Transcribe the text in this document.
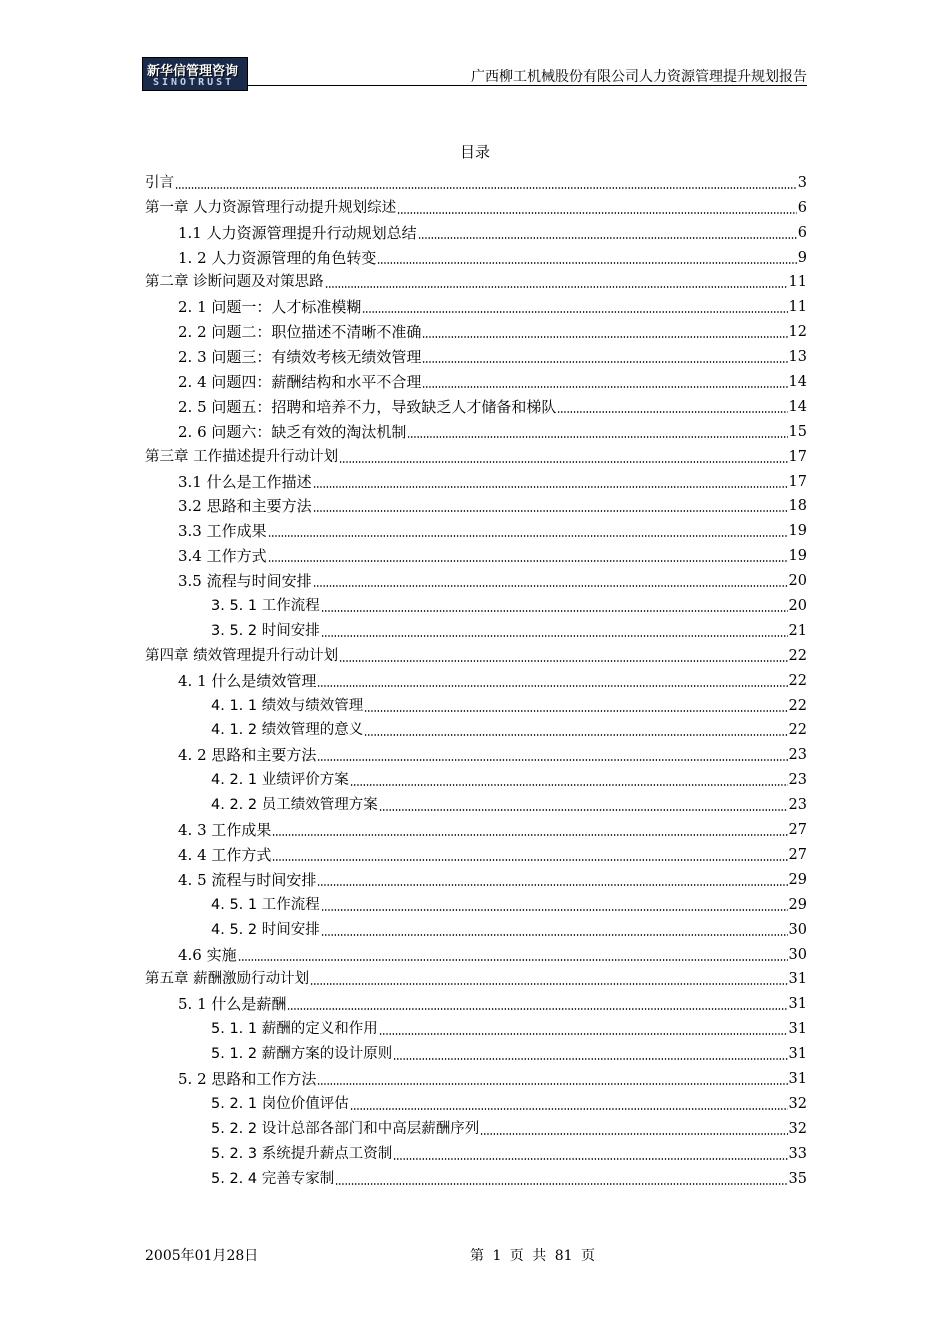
新华信管理咨询
SINOTRUST	广西柳工机械股份有限公司人力资源管理提升规划报告
目录
引言	3
第一章 人力资源管理行动提升规划综述	6
1.1 人力资源管理提升行动规划总结	6
1. 2 人力资源管理的角色转变	9
第二章 诊断问题及对策思路	11
2. 1 问题一：人才标准模糊	11
2. 2 问题二：职位描述不清晰不准确	12
2. 3 问题三：有绩效考核无绩效管理	13
2. 4 问题四：薪酬结构和水平不合理	14
2. 5 问题五：招聘和培养不力，导致缺乏人才储备和梯队	14
2. 6 问题六：缺乏有效的淘汰机制	15
第三章 工作描述提升行动计划	17
3.1 什么是工作描述	17
3.2 思路和主要方法	18
3.3 工作成果	19
3.4 工作方式	19
3.5 流程与时间安排	20
3. 5. 1 工作流程	20
3. 5. 2 时间安排	21
第四章 绩效管理提升行动计划	22
4. 1 什么是绩效管理	22
4. 1. 1 绩效与绩效管理	22
4. 1. 2 绩效管理的意义	22
4. 2 思路和主要方法	23
4. 2. 1 业绩评价方案	23
4. 2. 2 员工绩效管理方案	23
4. 3 工作成果	27
4. 4 工作方式	27
4. 5 流程与时间安排	29
4. 5. 1 工作流程	29
4. 5. 2 时间安排	30
4.6 实施	30
第五章 薪酬激励行动计划	31
5. 1 什么是薪酬	31
5. 1. 1 薪酬的定义和作用	31
5. 1. 2 薪酬方案的设计原则	31
5. 2 思路和工作方法	31
5. 2. 1 岗位价值评估	32
5. 2. 2 设计总部各部门和中高层薪酬序列	32
5. 2. 3 系统提升薪点工资制	33
5. 2. 4 完善专家制	35
2005年01月28日	第 1 页 共 81 页
